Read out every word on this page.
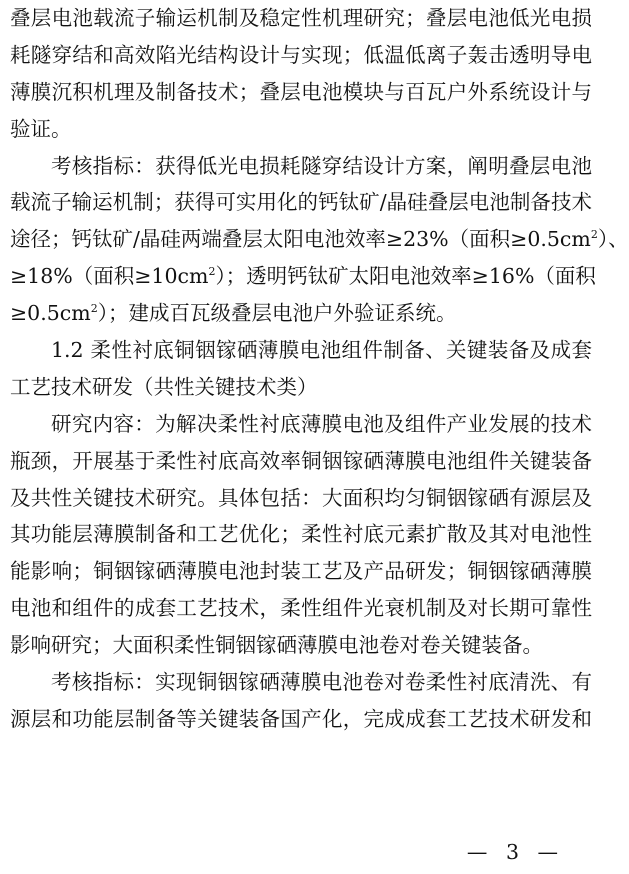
叠层电池载流子输运机制及稳定性机理研究；叠层电池低光电损
耗隧穿结和高效陷光结构设计与实现；低温低离子轰击透明导电
薄膜沉积机理及制备技术；叠层电池模块与百瓦户外系统设计与
验证。
考核指标：获得低光电损耗隧穿结设计方案，阐明叠层电池
载流子输运机制；获得可实用化的钙钛矿/晶硅叠层电池制备技术
途径；钙钛矿/晶硅两端叠层太阳电池效率≥23%（面积$\ge 0.5cm^2$）、
≥18%（面积$\ge 10cm^2$）；透明钙钛矿太阳电池效率≥16%（面积
$\ge 0.5cm^2$）；建成百瓦级叠层电池户外验证系统。
1.2 柔性衬底铜铟镓硒薄膜电池组件制备、关键装备及成套
工艺技术研发（共性关键技术类）
研究内容：为解决柔性衬底薄膜电池及组件产业发展的技术
瓶颈，开展基于柔性衬底高效率铜铟镓硒薄膜电池组件关键装备
及共性关键技术研究。具体包括：大面积均匀铜铟镓硒有源层及
其功能层薄膜制备和工艺优化；柔性衬底元素扩散及其对电池性
能影响；铜铟镓硒薄膜电池封装工艺及产品研发；铜铟镓硒薄膜
电池和组件的成套工艺技术，柔性组件光衰机制及对长期可靠性
影响研究；大面积柔性铜铟镓硒薄膜电池卷对卷关键装备。
考核指标：实现铜铟镓硒薄膜电池卷对卷柔性衬底清洗、有
源层和功能层制备等关键装备国产化，完成成套工艺技术研发和
— 3 —
